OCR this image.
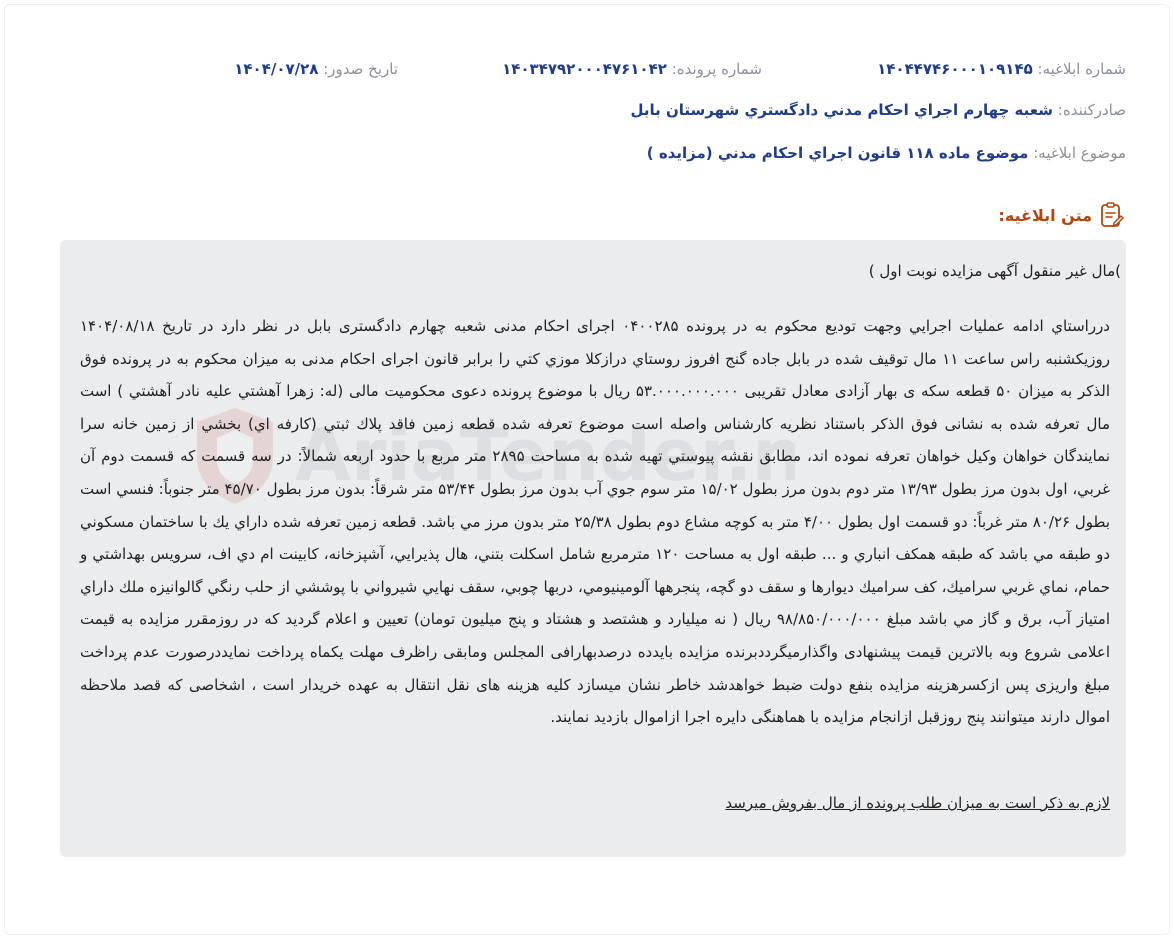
شماره ابلاغیه: ۱۴۰۴۴۷۴۶۰۰۰۱۰۹۱۴۵
شماره پرونده: ۱۴۰۳۴۷۹۲۰۰۰۴۷۶۱۰۴۲
تاریخ صدور: ۱۴۰۴/۰۷/۲۸
صادرکننده: شعبه چهارم اجراي احكام مدني دادگستري شهرستان بابل
موضوع ابلاغیه: موضوع ماده ۱۱۸ قانون اجراي احكام مدني (مزايده )
متن ابلاغیه:
)مال غير منقول آگهی مزايده نوبت اول )
درراستاي ادامه عمليات اجرايي وجهت توديع محكوم به در پرونده ۰۴۰۰۲۸۵ اجرای احکام مدنی شعبه چهارم دادگستری بابل در نظر دارد در تاريخ ۱۴۰۴/۰۸/۱۸ روزيكشنبه راس ساعت ۱۱ مال توقيف شده در بابل جاده گنج افروز روستاي درازكلا موزي كتي را برابر قانون اجرای احکام مدنی به میزان محکوم به در پرونده فوق الذكر به ميزان ۵۰ قطعه سكه ی بهار آزادی معادل تقريبی ۵۳.۰۰۰.۰۰۰.۰۰۰ ريال با موضوع پرونده دعوی محکومیت مالی (له: زهرا آهشتي عليه نادر آهشتي ) است مال تعرفه شده به نشانی فوق الذكر باستناد نظريه كارشناس واصله است موضوع تعرفه شده قطعه زمين فاقد پلاك ثبتي (كارفه اي) بخشي از زمين خانه سرا نمايندگان خواهان وكيل خواهان تعرفه نموده اند، مطابق نقشه پيوستي تهيه شده به مساحت ۲۸۹۵ متر مربع با حدود اربعه شمالاً: در سه قسمت كه قسمت دوم آن غربي، اول بدون مرز بطول ۱۳/۹۳ متر دوم بدون مرز بطول ۱۵/۰۲ متر سوم جوي آب بدون مرز بطول ۵۳/۴۴ متر شرقاً: بدون مرز بطول ۴۵/۷۰ متر جنوباً: فنسي است بطول ۸۰/۲۶ متر غرباً: دو قسمت اول بطول ۴/۰۰ متر به كوچه مشاع دوم بطول ۲۵/۳۸ متر بدون مرز مي باشد. قطعه زمين تعرفه شده داراي يك با ساختمان مسكوني دو طبقه مي باشد كه طبقه همكف انباري و ... طبقه اول به مساحت ۱۲۰ مترمربع شامل اسكلت بتني، هال پذيرايي، آشپزخانه، كابينت ام دي اف، سرويس بهداشتي و حمام، نماي غربي سراميك، كف سراميك ديوارها و سقف دو گچه، پنجرهها آلومينيومي، دربها چوبي، سقف نهايي شيرواني با پوششي از حلب رنگي گالوانيزه ملك داراي امتياز آب، برق و گاز مي باشد مبلغ ۹۸/۸۵۰/۰۰۰/۰۰۰ ريال ( نه ميليارد و هشتصد و هشتاد و پنج ميليون تومان) تعيين و اعلام گرديد كه در روزمقرر مزايده به قيمت اعلامی شروع وبه بالاترين قيمت پيشنهادی واگذارميگرددبرنده مزايده بايدده درصدبهارافی المجلس ومابقی راظرف مهلت يكماه پرداخت نمايددرصورت عدم پرداخت مبلغ واريزی پس ازكسرهزينه مزايده بنفع دولت ضبط خواهدشد خاطر نشان ميسازد كليه هزينه های نقل انتقال به عهده خريدار است ، اشخاصی كه قصد ملاحظه اموال دارند ميتوانند پنج روزقبل ازانجام مزايده با هماهنگی دايره اجرا ازاموال بازديد نمايند.
لازم به ذکر است به میزان طلب پرونده از مال بفروش میرسد
